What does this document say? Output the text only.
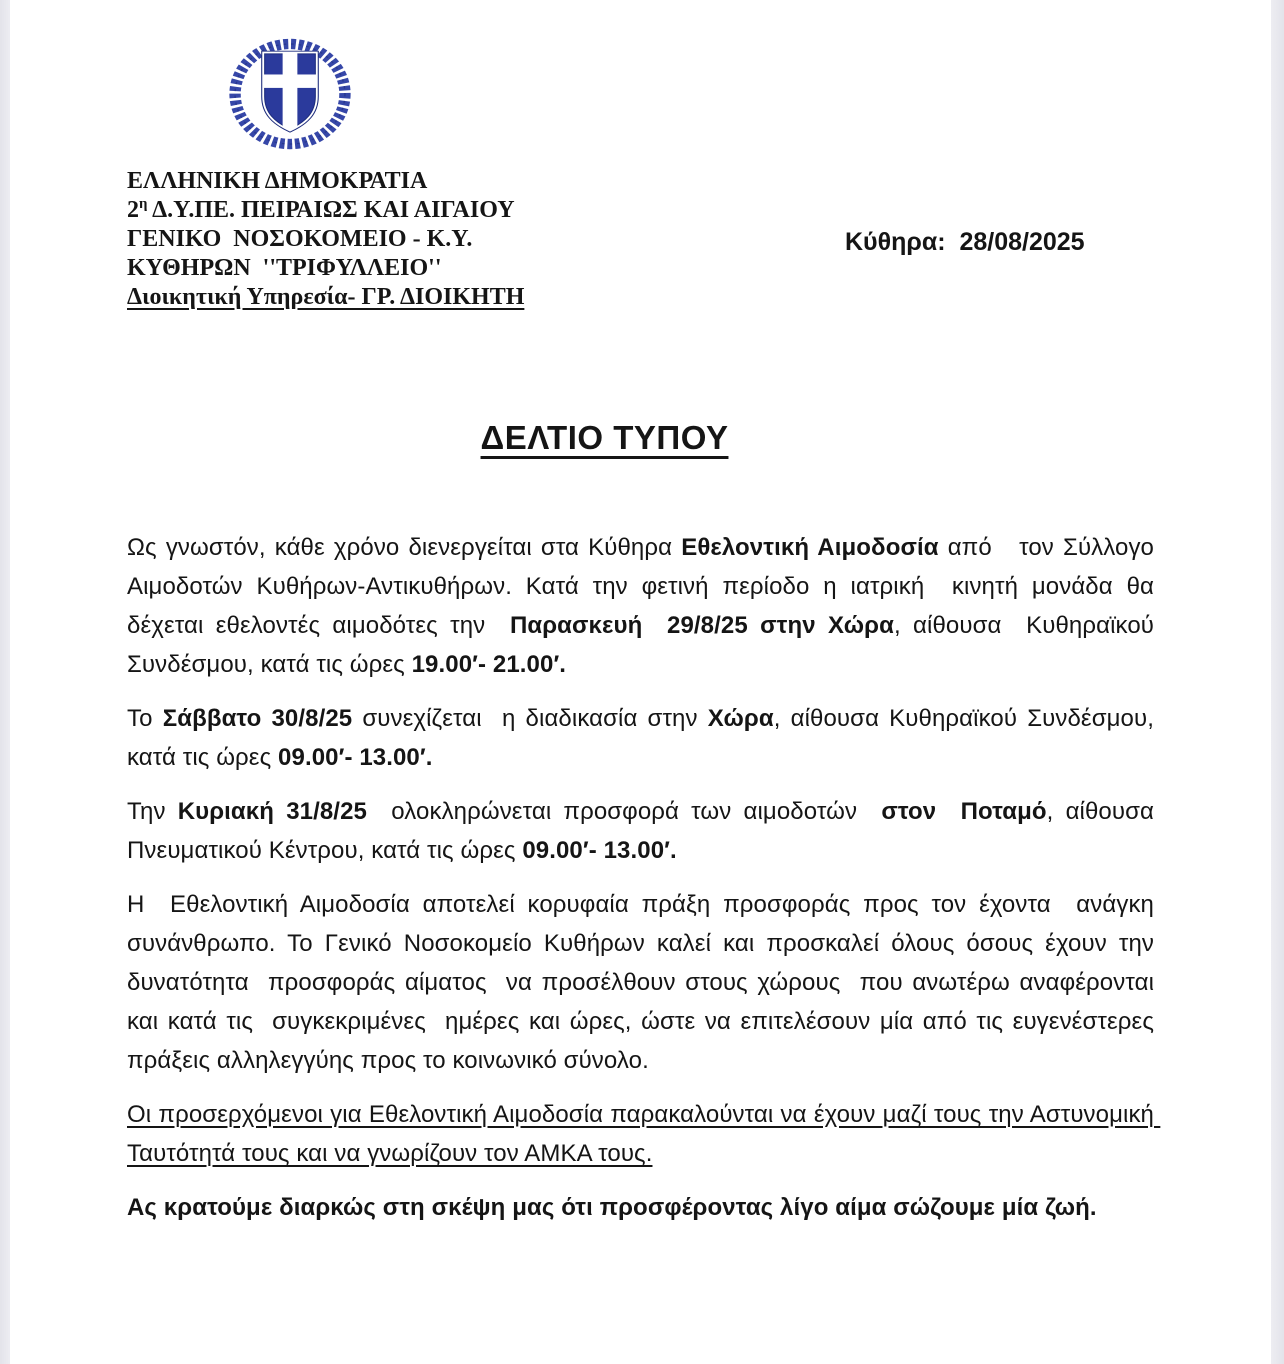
ΕΛΛΗΝΙΚΗ ΔΗΜΟΚΡΑΤΙΑ
$2^\eta$ Δ.Υ.ΠΕ. ΠΕΙΡΑΙΩΣ ΚΑΙ ΑΙΓΑΙΟΥ
ΓΕΝΙΚΟ  ΝΟΣΟΚΟΜΕΙΟ - Κ.Υ.
ΚΥΘΗΡΩΝ  ''ΤΡΙΦΥΛΛΕΙΟ''
Διοικητική Υπηρεσία- ΓΡ. ΔΙΟΙΚΗΤΗ
Κύθηρα:  28/08/2025
ΔΕΛΤΙΟ ΤΥΠΟΥ

Ως γνωστόν, κάθε χρόνο διενεργείται στα Κύθηρα Εθελοντική Αιμοδοσία από   τον Σύλλογο Αιμοδοτών Κυθήρων-Αντικυθήρων. Κατά την φετινή περίοδο η ιατρική  κινητή μονάδα θα δέχεται εθελοντές αιμοδότες την  Παρασκευή  29/8/25 στην Χώρα, αίθουσα  Κυθηραϊκού Συνδέσμου, κατά τις ώρες 19.00′- 21.00′.

Το Σάββατο 30/8/25 συνεχίζεται  η διαδικασία στην Χώρα, αίθουσα Κυθηραϊκού Συνδέσμου, κατά τις ώρες 09.00′- 13.00′.

Την Κυριακή 31/8/25  ολοκληρώνεται προσφορά των αιμοδοτών  στον  Ποταμό, αίθουσα Πνευματικού Κέντρου, κατά τις ώρες 09.00′- 13.00′.

Η  Εθελοντική Αιμοδοσία αποτελεί κορυφαία πράξη προσφοράς προς τον έχοντα  ανάγκη συνάνθρωπο. Το Γενικό Νοσοκομείο Κυθήρων καλεί και προσκαλεί όλους όσους έχουν την δυνατότητα  προσφοράς αίματος  να προσέλθουν στους χώρους  που ανωτέρω αναφέρονται και κατά τις  συγκεκριμένες  ημέρες και ώρες, ώστε να επιτελέσουν μία από τις ευγενέστερες πράξεις αλληλεγγύης προς το κοινωνικό σύνολο.

Οι προσερχόμενοι για Εθελοντική Αιμοδοσία παρακαλούνται να έχουν μαζί τους την Αστυνομική Ταυτότητά τους και να γνωρίζουν τον ΑΜΚΑ τους.

Ας κρατούμε διαρκώς στη σκέψη μας ότι προσφέροντας λίγο αίμα σώζουμε μία ζωή.
